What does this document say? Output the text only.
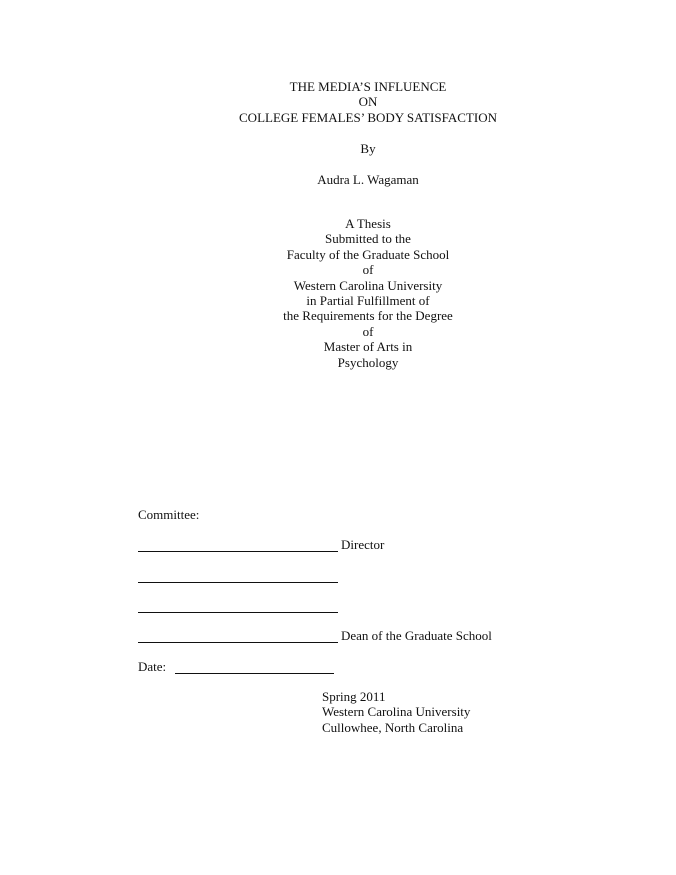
THE MEDIA’S INFLUENCE
ON
COLLEGE FEMALES’ BODY SATISFACTION
By
Audra L. Wagaman
A Thesis
Submitted to the
Faculty of the Graduate School
of
Western Carolina University
in Partial Fulfillment of
the Requirements for the Degree
of
Master of Arts in
Psychology
Committee:
Director
Dean of the Graduate School
Date:
Spring 2011
Western Carolina University
Cullowhee, North Carolina
